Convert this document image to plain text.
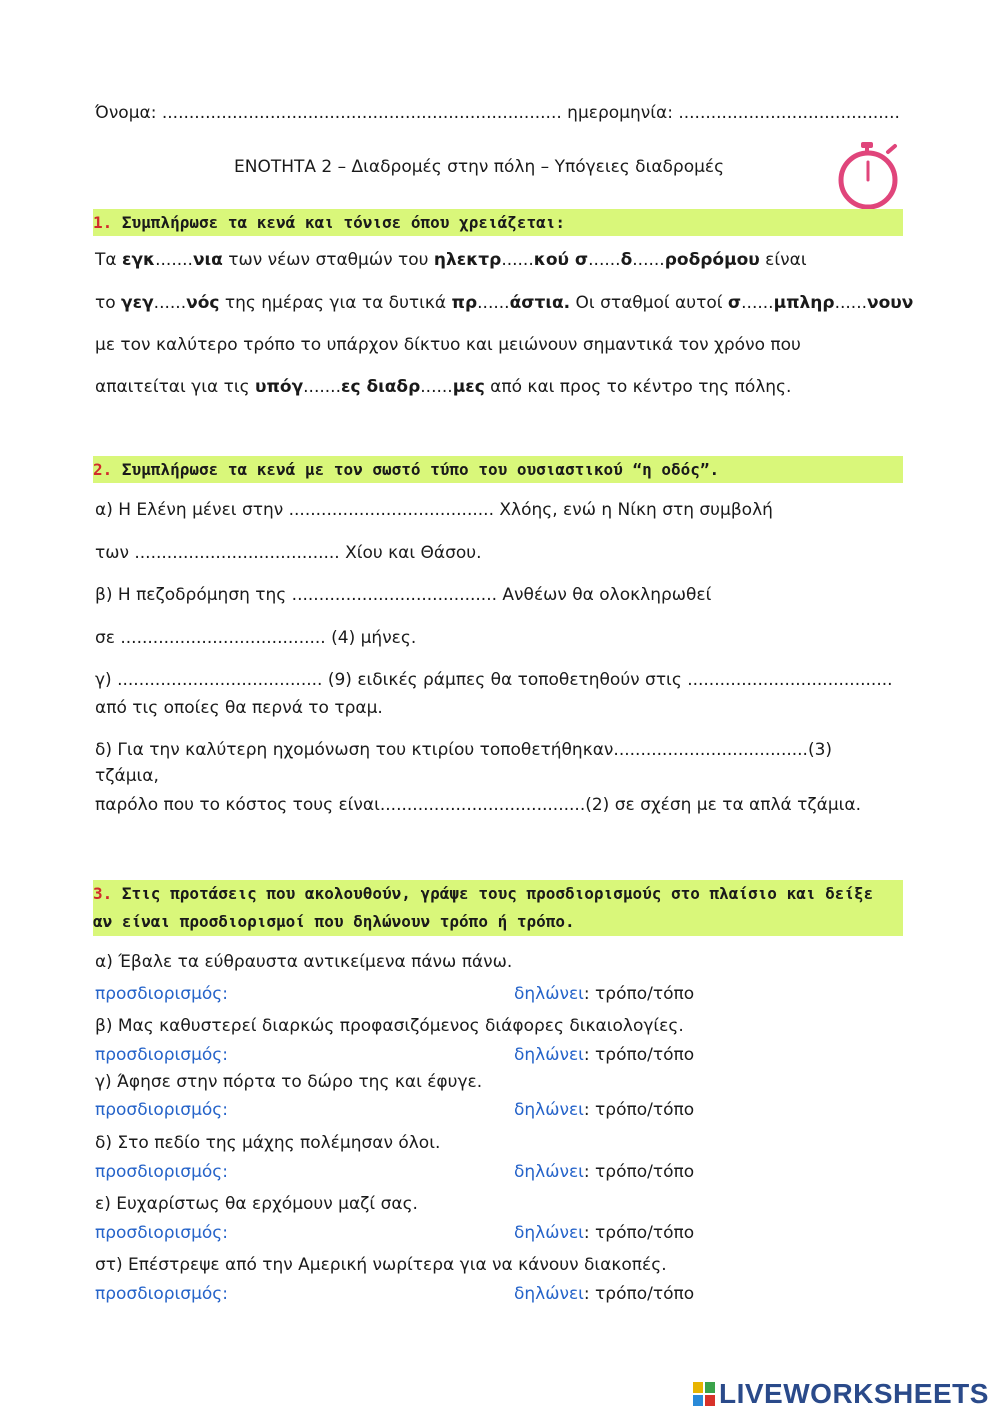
Όνομα: .......................................................................... ημερομηνία: .........................................
ΕΝΟΤΗΤΑ 2 – Διαδρομές στην πόλη – Υπόγειες διαδρομές
1. Συμπλήρωσε τα κενά και τόνισε όπου χρειάζεται:
Τα εγκ.......νια των νέων σταθμών του ηλεκτρ......κού σ......δ......ροδρόμου είναι
το γεγ......νός της ημέρας για τα δυτικά πρ......άστια. Οι σταθμοί αυτοί σ......μπληρ......νουν
με τον καλύτερο τρόπο το υπάρχον δίκτυο και μειώνουν σημαντικά τον χρόνο που
απαιτείται για τις υπόγ.......ες διαδρ......μες από και προς το κέντρο της πόλης.
2. Συμπλήρωσε τα κενά με τον σωστό τύπο του ουσιαστικού “η οδός”.
α) Η Ελένη μένει στην ...................................... Χλόης, ενώ η Νίκη στη συμβολή
των ...................................... Χίου και Θάσου.
β) Η πεζοδρόμηση της ...................................... Ανθέων θα ολοκληρωθεί
σε ...................................... (4) μήνες.
γ) ...................................... (9) ειδικές ράμπες θα τοποθετηθούν στις ......................................
από τις οποίες θα περνά το τραμ.
δ) Για την καλύτερη ηχομόνωση του κτιρίου τοποθετήθηκαν....................................(3)
τζάμια,
παρόλο που το κόστος τους είναι......................................(2) σε σχέση με τα απλά τζάμια.
3. Στις προτάσεις που ακολουθούν, γράψε τους προσδιορισμούς στο πλαίσιο και δείξε
αν είναι προσδιορισμοί που δηλώνουν τρόπο ή τρόπο.
α) Έβαλε τα εύθραυστα αντικείμενα πάνω πάνω.
προσδιορισμός:	δηλώνει: τρόπο/τόπο
β) Μας καθυστερεί διαρκώς προφασιζόμενος διάφορες δικαιολογίες.
προσδιορισμός:	δηλώνει: τρόπο/τόπο
γ) Άφησε στην πόρτα το δώρο της και έφυγε.
προσδιορισμός:	δηλώνει: τρόπο/τόπο
δ) Στο πεδίο της μάχης πολέμησαν όλοι.
προσδιορισμός:	δηλώνει: τρόπο/τόπο
ε) Ευχαρίστως θα ερχόμουν μαζί σας.
προσδιορισμός:	δηλώνει: τρόπο/τόπο
στ) Επέστρεψε από την Αμερική νωρίτερα για να κάνουν διακοπές.
προσδιορισμός:	δηλώνει: τρόπο/τόπο
LIVEWORKSHEETS
